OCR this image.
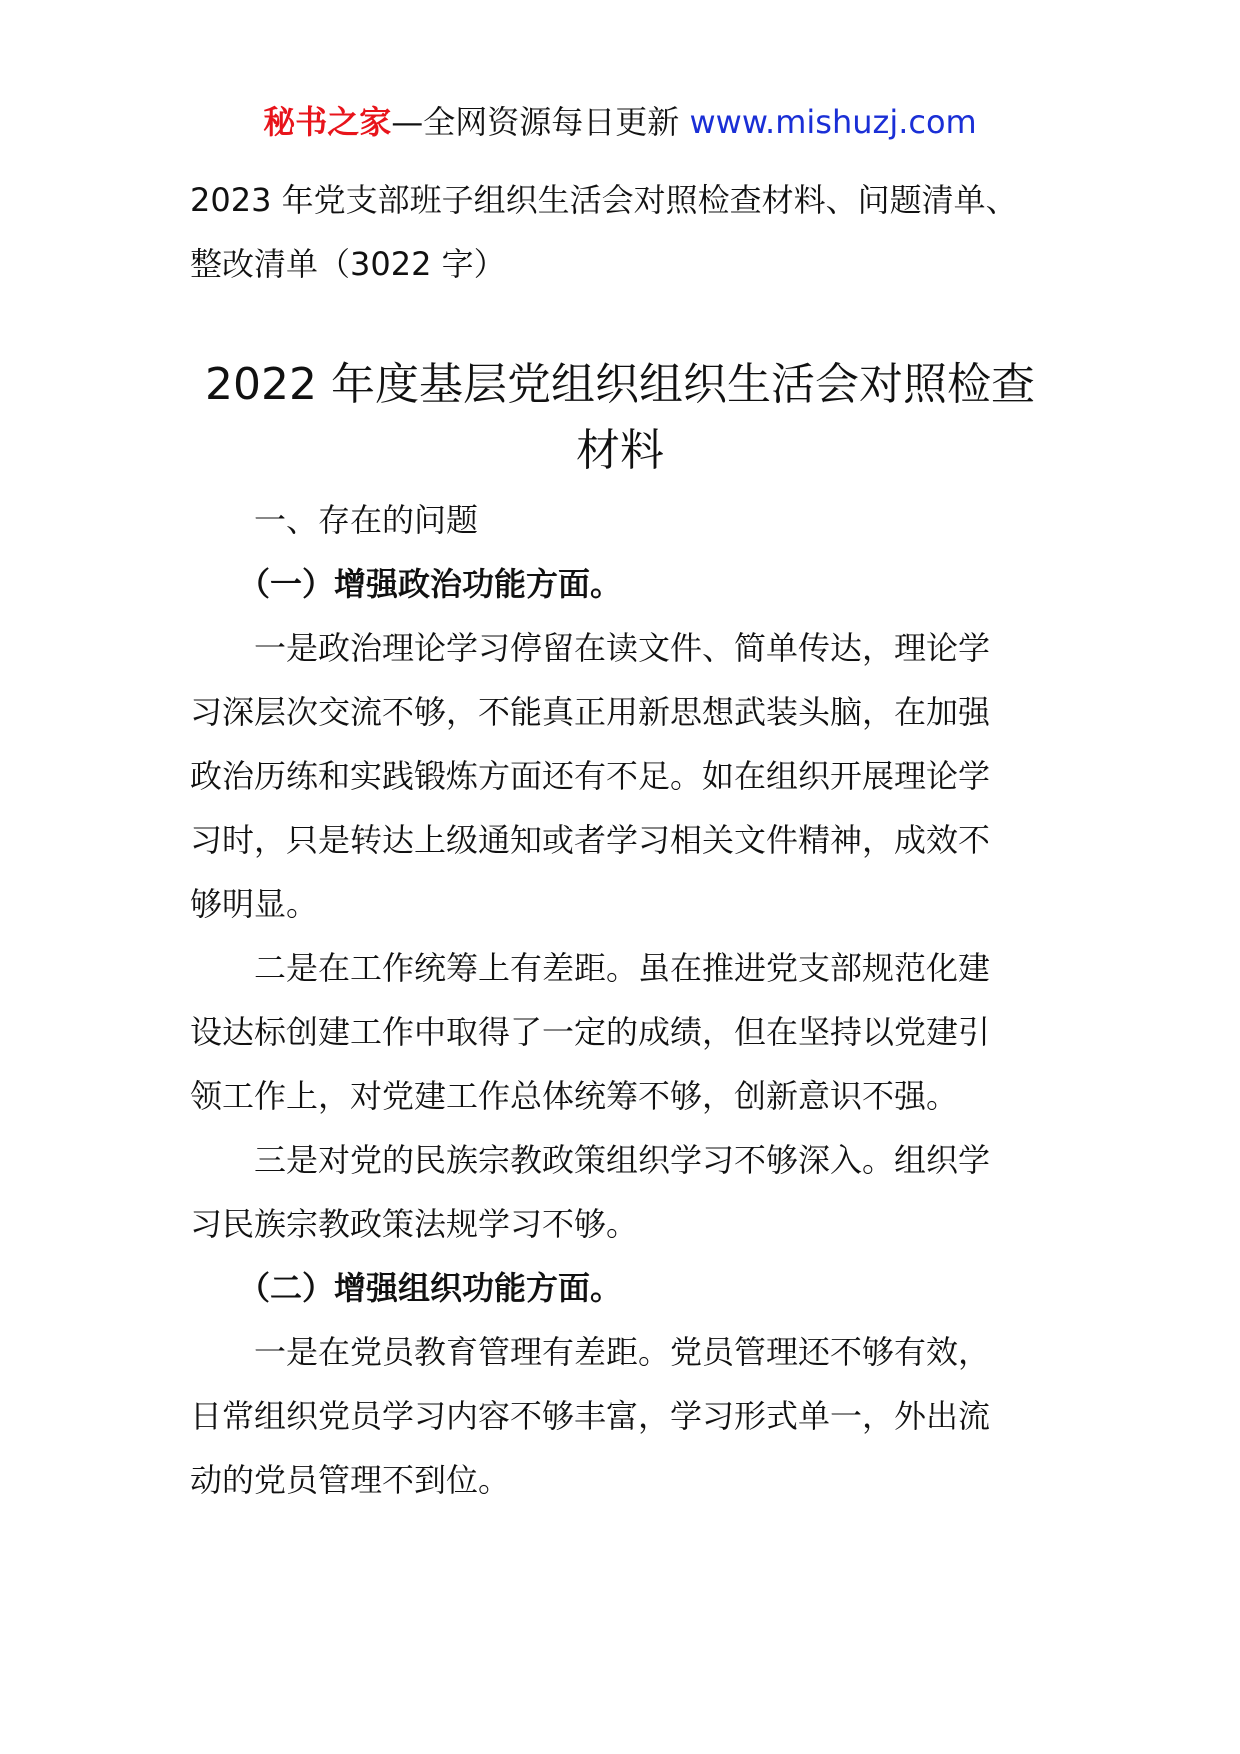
秘书之家—全网资源每日更新 www.mishuzj.com
2023 年党支部班子组织生活会对照检查材料、问题清单、
整改清单（3022 字）
2022 年度基层党组织组织生活会对照检查
材料
一、存在的问题
（一）增强政治功能方面。
一是政治理论学习停留在读文件、简单传达，理论学
习深层次交流不够，不能真正用新思想武装头脑，在加强
政治历练和实践锻炼方面还有不足。如在组织开展理论学
习时，只是转达上级通知或者学习相关文件精神，成效不
够明显。
二是在工作统筹上有差距。虽在推进党支部规范化建
设达标创建工作中取得了一定的成绩，但在坚持以党建引
领工作上，对党建工作总体统筹不够，创新意识不强。
三是对党的民族宗教政策组织学习不够深入。组织学
习民族宗教政策法规学习不够。
（二）增强组织功能方面。
一是在党员教育管理有差距。党员管理还不够有效，
日常组织党员学习内容不够丰富，学习形式单一，外出流
动的党员管理不到位。
